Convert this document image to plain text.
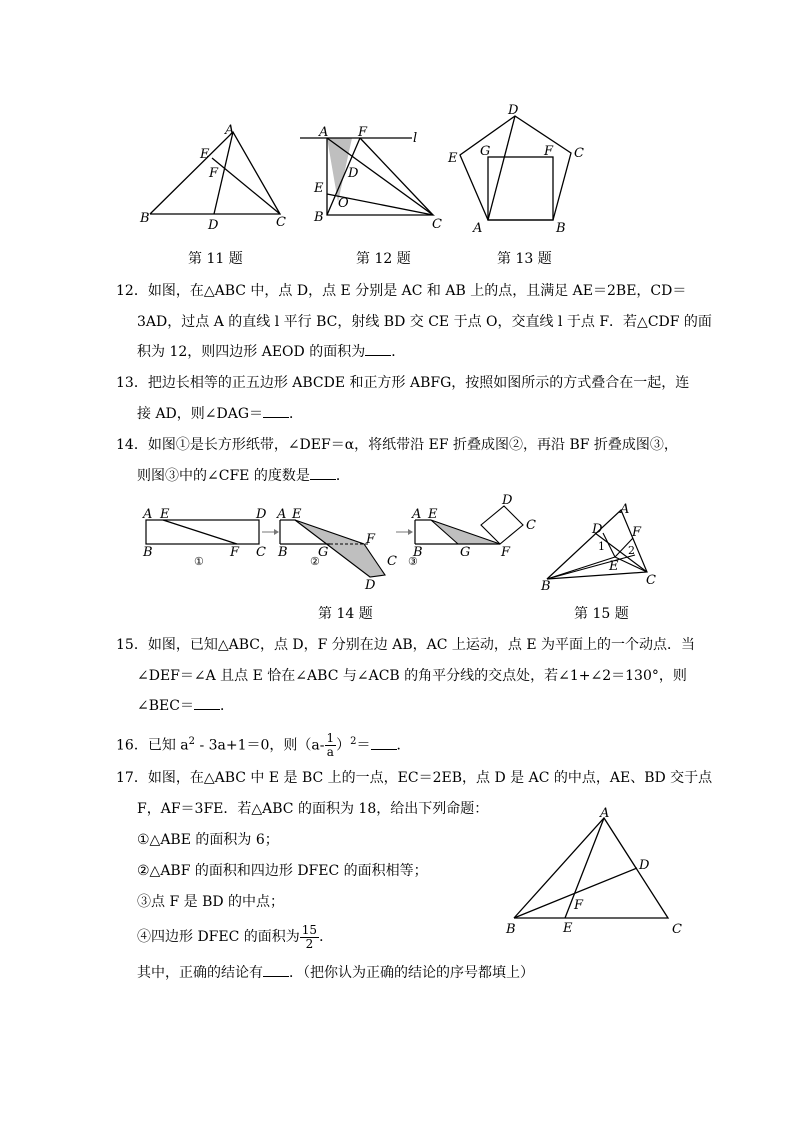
A
E
F
B	D	C
第 11 题
A F	l
D
E
O
B	C
第 12 题
D
E G	F C
A	B
第 13 题
12．如图，在△ABC 中，点 D，点 E 分别是 AC 和 AB 上的点，且满足 AE＝2BE，CD＝
3AD，过点 A 的直线 l 平行 BC，射线 BD 交 CE 于点 O，交直线 l 于点 F．若△CDF 的面
积为 12，则四边形 AEOD 的面积为 ．
13．把边长相等的正五边形 ABCDE 和正方形 ABFG，按照如图所示的方式叠合在一起，连
接 AD，则∠DAG＝ ．
14．如图①是长方形纸带，∠DEF＝α，将纸带沿 EF 折叠成图②，再沿 BF 折叠成图③，
则图③中的∠CFE 的度数是 ．
A E	D
B	F C
①
A E
B G
F
C
D
②
A E
D
C
B	G F
③
第 14 题
A
D F
1 2
E
B	C
第 15 题
15．如图，已知△ABC，点 D，F 分别在边 AB，AC 上运动，点 E 为平面上的一个动点．当
∠DEF＝∠A 且点 E 恰在∠ABC 与∠ACB 的角平分线的交点处，若∠1+∠2＝130°，则
∠BEC＝ ．
16．已知 $a^2 - 3a+1=0$，则$(a- \frac{1}{a} )^2=$ ．
17．如图，在△ABC 中 E 是 BC 上的一点，EC＝2EB，点 D 是 AC 的中点，AE、BD 交于点
F，AF＝3FE．若△ABC 的面积为 18，给出下列命题：
①△ABE 的面积为 6；
②△ABF 的面积和四边形 DFEC 的面积相等；
③点 F 是 BD 的中点；
④四边形 DFEC 的面积为 $\frac{15}{2}$ ．
其中，正确的结论有 ．（把你认为正确的结论的序号都填上）
A
D
F
B	E	C
